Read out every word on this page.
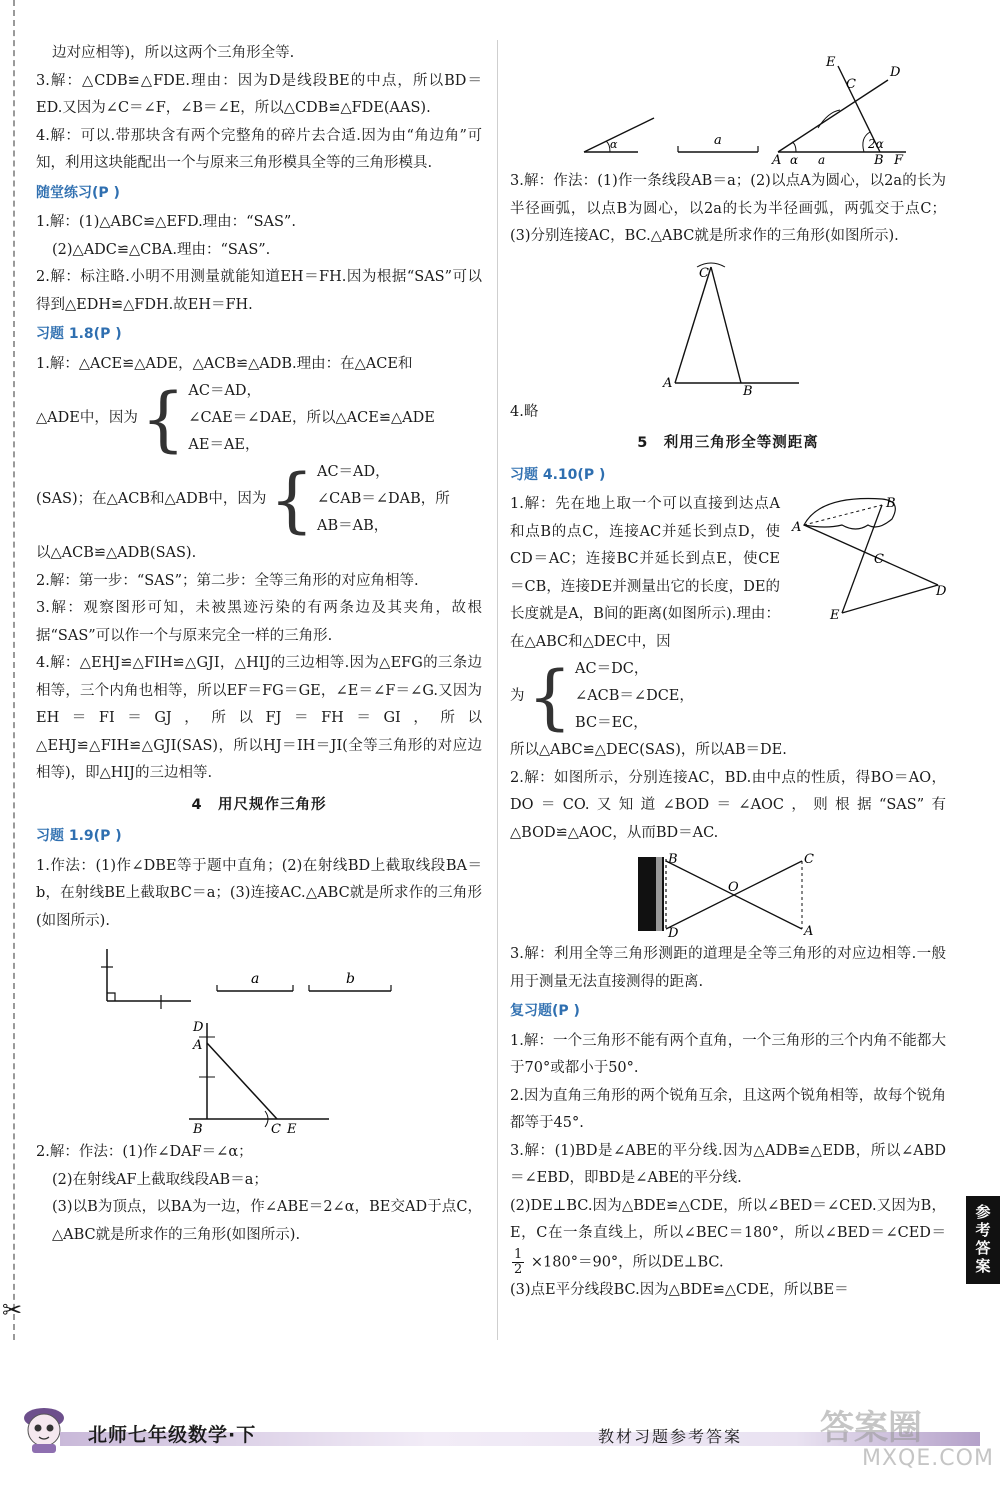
边对应相等)，所以这两个三角形全等.

3.解：△CDB≌△FDE.理由：因为D是线段BE的中点，所以BD＝ED.又因为∠C＝∠F，∠B＝∠E，所以△CDB≌△FDE(AAS).

4.解：可以.带那块含有两个完整角的碎片去合适.因为由“角边角”可知，利用这块能配出一个与原来三角形模具全等的三角形模具.

随堂练习(P )

1.解：(1)△ABC≌△EFD.理由：“SAS”.

(2)△ADC≌△CBA.理由：“SAS”.

2.解：标注略.小明不用测量就能知道EH＝FH.因为根据“SAS”可以得到△EDH≌△FDH.故EH＝FH.

习题 1.8(P )

1.解：△ACE≌△ADE，△ACB≌△ADB.理由：在△ACE和

△ADE中，因为 { AC＝AD，
∠CAE＝∠DAE，
AE＝AE，
所以△ACE≌△ADE
(SAS)；在△ACB和△ADB中，因为 { AC＝AD，
∠CAB＝∠DAB，
AB＝AB，
所

以△ACB≌△ADB(SAS).

2.解：第一步：“SAS”；第二步：全等三角形的对应角相等.

3.解：观察图形可知，未被黑迹污染的有两条边及其夹角，故根据“SAS”可以作一个与原来完全一样的三角形.

4.解：△EHJ≌△FIH≌△GJI，△HIJ的三边相等.因为△EFG的三条边相等，三个内角也相等，所以EF＝FG＝GE，∠E＝∠F＝∠G.又因为EH＝FI＝GJ，所以FJ＝FH＝GI，所以△EHJ≌△FIH≌△GJI(SAS)，所以HJ＝IH＝JI(全等三角形的对应边相等)，即△HIJ的三边相等.

4　用尺规作三角形
习题 1.9(P )

1.作法：(1)作∠DBE等于题中直角；(2)在射线BD上截取线段BA＝b，在射线BE上截取BC＝a；(3)连接AC.△ABC就是所求作的三角形(如图所示).

a	b
D
A
B	C E

2.解：作法：(1)作∠DAF＝∠α；

(2)在射线AF上截取线段AB＝a；

(3)以B为顶点，以BA为一边，作∠ABE＝2∠α，BE交AD于点C，△ABC就是所求作的三角形(如图所示).

α	a
α
2α
a
A	B F
C
E
D

3.解：作法：(1)作一条线段AB＝a；(2)以点A为圆心，以2a的长为半径画弧，以点B为圆心，以2a的长为半径画弧，两弧交于点C；(3)分别连接AC，BC.△ABC就是所求作的三角形(如图所示).

C
A
B

4.略

5　利用三角形全等测距离
习题 4.10(P )
A
B
C
D
E

1.解：先在地上取一个可以直接到达点A和点B的点C，连接AC并延长到点D，使CD＝AC；连接BC并延长到点E，使CE＝CB，连接DE并测量出它的长度，DE的长度就是A，B间的距离(如图所示).理由：在△ABC和△DEC中，因

为 { AC＝DC，
∠ACB＝∠DCE，
BC＝EC，

所以△ABC≌△DEC(SAS)，所以AB＝DE.

2.解：如图所示，分别连接AC，BD.由中点的性质，得BO＝AO，DO＝CO.又知道∠BOD＝∠AOC，则根据“SAS”有△BOD≌△AOC，从而BD＝AC.

B
D
O
C
A

3.解：利用全等三角形测距的道理是全等三角形的对应边相等.一般用于测量无法直接测得的距离.

复习题(P )

1.解：一个三角形不能有两个直角，一个三角形的三个内角不能都大于70°或都小于50°.

2.因为直角三角形的两个锐角互余，且这两个锐角相等，故每个锐角都等于45°.

3.解：(1)BD是∠ABE的平分线.因为△ADB≌△EDB，所以∠ABD＝∠EBD，即BD是∠ABE的平分线.

(2)DE⊥BC.因为△BDE≌△CDE，所以∠BED＝∠CED.又因为B，E，C在一条直线上，所以∠BEC＝180°，所以∠BED＝∠CED＝
$\frac{1}{2} \times 180^\circ=90^\circ$，所以DE⊥BC.

(3)点E平分线段BC.因为△BDE≌△CDE，所以BE＝

参考答案
✂
北师七年级数学·下	教材习题参考答案 答案圈
MXQE.COM
